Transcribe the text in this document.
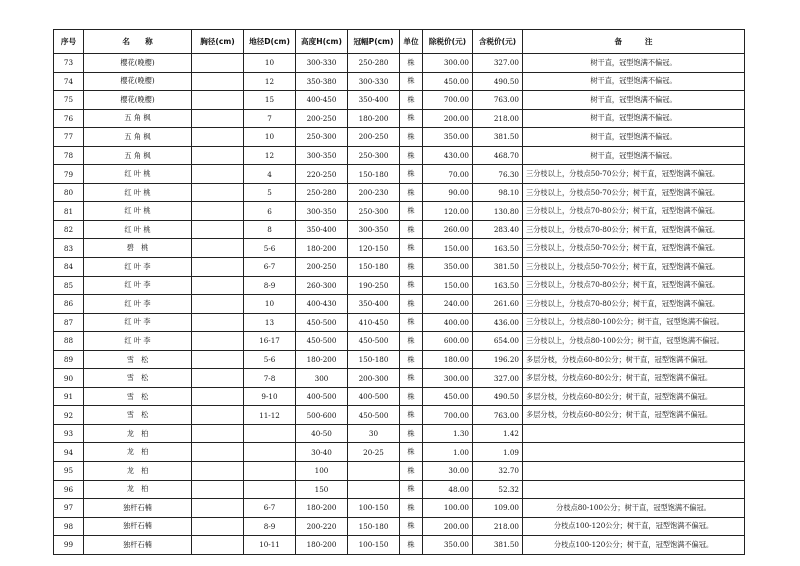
序号	名　　称	胸径(cm)	地径D(cm)	高度H(cm)	冠幅P(cm)	单位	除税价(元)	含税价(元)	备　　　注
73	樱花(晚樱)		10	300-330	250-280	株	300.00	327.00	树干直，冠型饱满不偏冠。
74	樱花(晚樱)		12	350-380	300-330	株	450.00	490.50	树干直，冠型饱满不偏冠。
75	樱花(晚樱)		15	400-450	350-400	株	700.00	763.00	树干直，冠型饱满不偏冠。
76	五 角 枫		7	200-250	180-200	株	200.00	218.00	树干直，冠型饱满不偏冠。
77	五 角 枫		10	250-300	200-250	株	350.00	381.50	树干直，冠型饱满不偏冠。
78	五 角 枫		12	300-350	250-300	株	430.00	468.70	树干直，冠型饱满不偏冠。
79	红 叶 桃		4	220-250	150-180	株	70.00	76.30	三分枝以上，分枝点50-70公分；树干直，冠型饱满不偏冠。
80	红 叶 桃		5	250-280	200-230	株	90.00	98.10	三分枝以上，分枝点50-70公分；树干直，冠型饱满不偏冠。
81	红 叶 桃		6	300-350	250-300	株	120.00	130.80	三分枝以上，分枝点70-80公分；树干直，冠型饱满不偏冠。
82	红 叶 桃		8	350-400	300-350	株	260.00	283.40	三分枝以上，分枝点70-80公分；树干直，冠型饱满不偏冠。
83	碧　桃		5-6	180-200	120-150	株	150.00	163.50	三分枝以上，分枝点50-70公分；树干直，冠型饱满不偏冠。
84	红 叶 李		6-7	200-250	150-180	株	350.00	381.50	三分枝以上，分枝点50-70公分；树干直，冠型饱满不偏冠。
85	红 叶 李		8-9	260-300	190-250	株	150.00	163.50	三分枝以上，分枝点70-80公分；树干直，冠型饱满不偏冠。
86	红 叶 李		10	400-430	350-400	株	240.00	261.60	三分枝以上，分枝点70-80公分；树干直，冠型饱满不偏冠。
87	红 叶 李		13	450-500	410-450	株	400.00	436.00	三分枝以上，分枝点80-100公分；树干直，冠型饱满不偏冠。
88	红 叶 李		16-17	450-500	450-500	株	600.00	654.00	三分枝以上，分枝点80-100公分；树干直，冠型饱满不偏冠。
89	雪　松		5-6	180-200	150-180	株	180.00	196.20	多层分枝，分枝点60-80公分；树干直，冠型饱满不偏冠。
90	雪　松		7-8	300	200-300	株	300.00	327.00	多层分枝，分枝点60-80公分；树干直，冠型饱满不偏冠。
91	雪　松		9-10	400-500	400-500	株	450.00	490.50	多层分枝，分枝点60-80公分；树干直，冠型饱满不偏冠。
92	雪　松		11-12	500-600	450-500	株	700.00	763.00	多层分枝，分枝点60-80公分；树干直，冠型饱满不偏冠。
93	龙　柏			40-50	30	株	1.30	1.42	
94	龙　柏			30-40	20-25	株	1.00	1.09	
95	龙　柏			100		株	30.00	32.70	
96	龙　柏			150		株	48.00	52.32	
97	独杆石楠		6-7	180-200	100-150	株	100.00	109.00	分枝点80-100公分；树干直，冠型饱满不偏冠。
98	独杆石楠		8-9	200-220	150-180	株	200.00	218.00	分枝点100-120公分；树干直，冠型饱满不偏冠。
99	独杆石楠		10-11	180-200	100-150	株	350.00	381.50	分枝点100-120公分；树干直，冠型饱满不偏冠。
